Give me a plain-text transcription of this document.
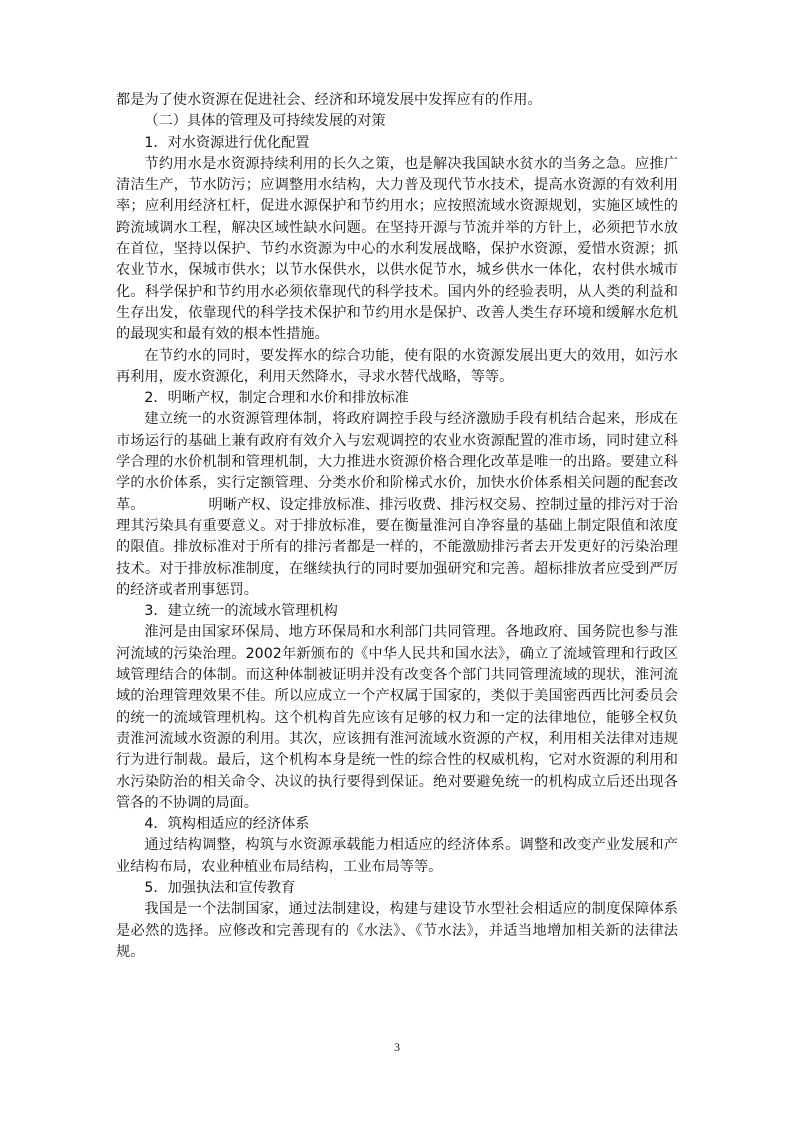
都是为了使水资源在促进社会、经济和环境发展中发挥应有的作用。

（二）具体的管理及可持续发展的对策

1．对水资源进行优化配置

节约用水是水资源持续利用的长久之策，也是解决我国缺水贫水的当务之急。应推广清洁生产，节水防污；应调整用水结构，大力普及现代节水技术，提高水资源的有效利用率；应利用经济杠杆，促进水源保护和节约用水；应按照流域水资源规划，实施区域性的跨流域调水工程，解决区域性缺水问题。在坚持开源与节流并举的方针上，必须把节水放在首位，坚持以保护、节约水资源为中心的水利发展战略，保护水资源，爱惜水资源；抓农业节水，保城市供水；以节水保供水，以供水促节水，城乡供水一体化，农村供水城市化。科学保护和节约用水必须依靠现代的科学技术。国内外的经验表明，从人类的利益和生存出发，依靠现代的科学技术保护和节约用水是保护、改善人类生存环境和缓解水危机的最现实和最有效的根本性措施。

在节约水的同时，要发挥水的综合功能，使有限的水资源发展出更大的效用，如污水再利用，废水资源化，利用天然降水，寻求水替代战略，等等。

2．明晰产权，制定合理和水价和排放标准

建立统一的水资源管理体制，将政府调控手段与经济激励手段有机结合起来，形成在市场运行的基础上兼有政府有效介入与宏观调控的农业水资源配置的准市场，同时建立科学合理的水价机制和管理机制，大力推进水资源价格合理化改革是唯一的出路。要建立科学的水价体系，实行定额管理、分类水价和阶梯式水价，加快水价体系相关问题的配套改革。　　　　　明晰产权、设定排放标准、排污收费、排污权交易、控制过量的排污对于治理其污染具有重要意义。对于排放标准，要在衡量淮河自净容量的基础上制定限值和浓度的限值。排放标准对于所有的排污者都是一样的，不能激励排污者去开发更好的污染治理技术。对于排放标准制度，在继续执行的同时要加强研究和完善。超标排放者应受到严厉的经济或者刑事惩罚。

3．建立统一的流域水管理机构

淮河是由国家环保局、地方环保局和水利部门共同管理。各地政府、国务院也参与淮河流域的污染治理。2002年新颁布的《中华人民共和国水法》，确立了流域管理和行政区域管理结合的体制。而这种体制被证明并没有改变各个部门共同管理流域的现状，淮河流域的治理管理效果不佳。所以应成立一个产权属于国家的，类似于美国密西西比河委员会的统一的流域管理机构。这个机构首先应该有足够的权力和一定的法律地位，能够全权负责淮河流域水资源的利用。其次，应该拥有淮河流域水资源的产权，利用相关法律对违规行为进行制裁。最后，这个机构本身是统一性的综合性的权威机构，它对水资源的利用和水污染防治的相关命令、决议的执行要得到保证。绝对要避免统一的机构成立后还出现各管各的不协调的局面。

4．筑构相适应的经济体系

通过结构调整，构筑与水资源承载能力相适应的经济体系。调整和改变产业发展和产业结构布局，农业种植业布局结构，工业布局等等。

5．加强执法和宣传教育

我国是一个法制国家，通过法制建设，构建与建设节水型社会相适应的制度保障体系是必然的选择。应修改和完善现有的《水法》、《节水法》，并适当地增加相关新的法律法规。

3
